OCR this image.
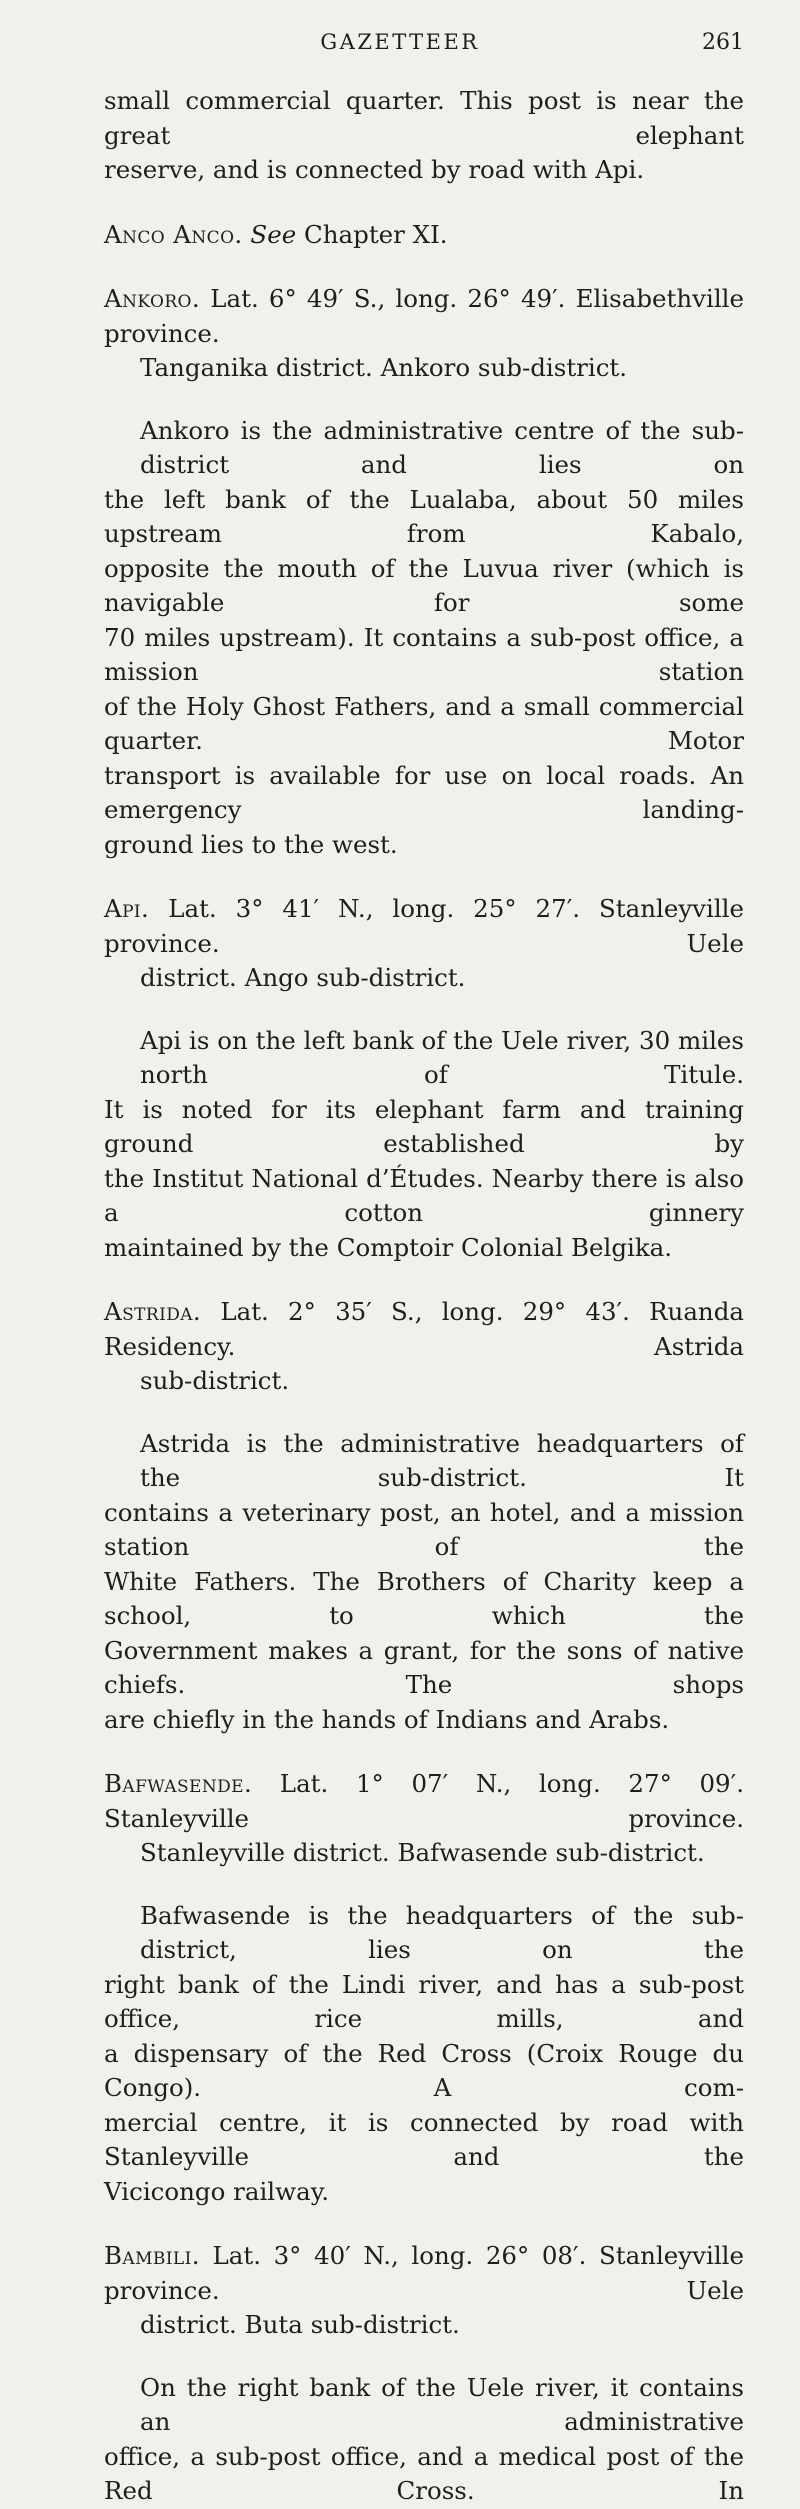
GAZETTEER	261

small commercial quarter. This post is near the great elephant

reserve, and is connected by road with Api.

Anco Anco. See Chapter XI.

Ankoro. Lat. 6° 49′ S., long. 26° 49′. Elisabethville province.

Tanganika district. Ankoro sub-district.

Ankoro is the administrative centre of the sub-district and lies on

the left bank of the Lualaba, about 50 miles upstream from Kabalo,

opposite the mouth of the Luvua river (which is navigable for some

70 miles upstream). It contains a sub-post office, a mission station

of the Holy Ghost Fathers, and a small commercial quarter. Motor

transport is available for use on local roads. An emergency landing-

ground lies to the west.

Api. Lat. 3° 41′ N., long. 25° 27′. Stanleyville province. Uele

district. Ango sub-district.

Api is on the left bank of the Uele river, 30 miles north of Titule.

It is noted for its elephant farm and training ground established by

the Institut National d’Études. Nearby there is also a cotton ginnery

maintained by the Comptoir Colonial Belgika.

Astrida. Lat. 2° 35′ S., long. 29° 43′. Ruanda Residency. Astrida

sub-district.

Astrida is the administrative headquarters of the sub-district. It

contains a veterinary post, an hotel, and a mission station of the

White Fathers. The Brothers of Charity keep a school, to which the

Government makes a grant, for the sons of native chiefs. The shops

are chiefly in the hands of Indians and Arabs.

Bafwasende. Lat. 1° 07′ N., long. 27° 09′. Stanleyville province.

Stanleyville district. Bafwasende sub-district.

Bafwasende is the headquarters of the sub-district, lies on the

right bank of the Lindi river, and has a sub-post office, rice mills, and

a dispensary of the Red Cross (Croix Rouge du Congo). A com-

mercial centre, it is connected by road with Stanleyville and the

Vicicongo railway.

Bambili. Lat. 3° 40′ N., long. 26° 08′. Stanleyville province. Uele

district. Buta sub-district.

On the right bank of the Uele river, it contains an administrative

office, a sub-post office, and a medical post of the Red Cross. In
